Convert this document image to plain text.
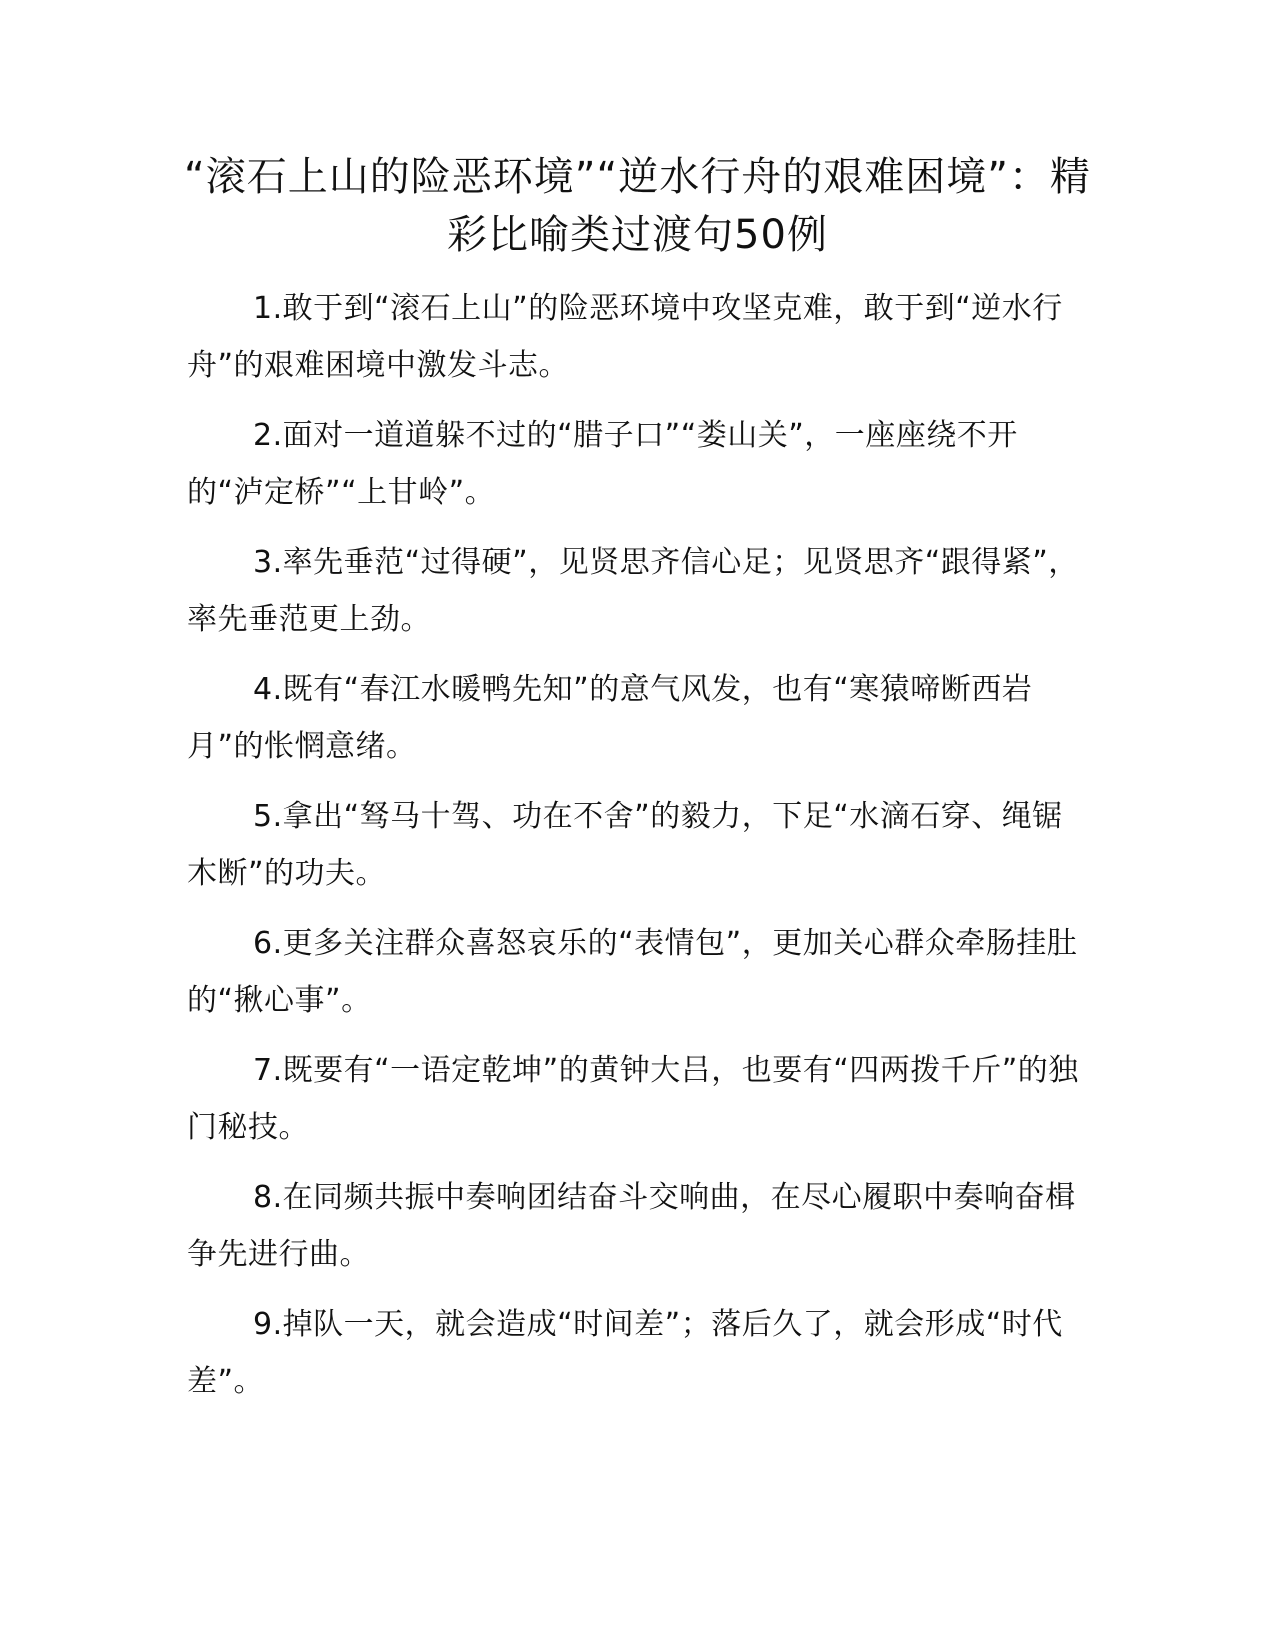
“滚石上山的险恶环境”“逆水行舟的艰难困境”：精彩比喻类过渡句50例

1.敢于到“滚石上山”的险恶环境中攻坚克难，敢于到“逆水行舟”的艰难困境中激发斗志。

2.面对一道道躲不过的“腊子口”“娄山关”，一座座绕不开的“泸定桥”“上甘岭”。

3.率先垂范“过得硬”，见贤思齐信心足；见贤思齐“跟得紧”，率先垂范更上劲。

4.既有“春江水暖鸭先知”的意气风发，也有“寒猿啼断西岩月”的怅惘意绪。

5.拿出“驽马十驾、功在不舍”的毅力，下足“水滴石穿、绳锯木断”的功夫。

6.更多关注群众喜怒哀乐的“表情包”，更加关心群众牵肠挂肚的“揪心事”。

7.既要有“一语定乾坤”的黄钟大吕，也要有“四两拨千斤”的独门秘技。

8.在同频共振中奏响团结奋斗交响曲，在尽心履职中奏响奋楫争先进行曲。

9.掉队一天，就会造成“时间差”；落后久了，就会形成“时代差”。
